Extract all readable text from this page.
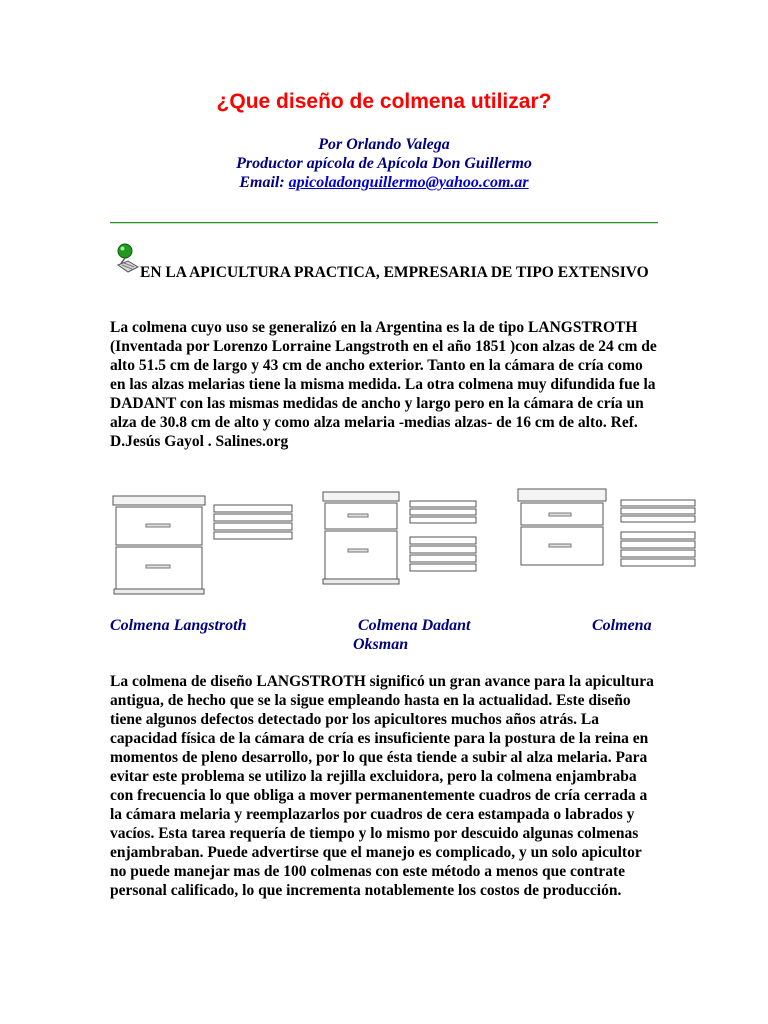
¿Que diseño de colmena utilizar?
Por Orlando Valega
Productor apícola de Apícola Don Guillermo
Email: apicoladonguillermo@yahoo.com.ar
EN LA APICULTURA PRACTICA, EMPRESARIA DE TIPO EXTENSIVO
La colmena cuyo uso se generalizó en la Argentina es la de tipo LANGSTROTH (Inventada por Lorenzo Lorraine Langstroth en el año 1851 )con alzas de 24 cm de alto 51.5 cm de largo y 43 cm de ancho exterior. Tanto en la cámara de cría como en las alzas melarias tiene la misma medida. La otra colmena muy difundida fue la DADANT con las mismas medidas de ancho y largo pero en la cámara de cría un alza de 30.8 cm de alto y como alza melaria -medias alzas- de 16 cm de alto. Ref. D.Jesús Gayol . Salines.org
Colmena Langstroth	Colmena Dadant	Colmena
Oksman
La colmena de diseño LANGSTROTH significó un gran avance para la apicultura antigua, de hecho que se la sigue empleando hasta en la actualidad. Este diseño tiene algunos defectos detectado por los apicultores muchos años atrás. La capacidad física de la cámara de cría es insuficiente para la postura de la reina en momentos de pleno desarrollo, por lo que ésta tiende a subir al alza melaria. Para evitar este problema se utilizo la rejilla excluidora, pero la colmena enjambraba con frecuencia lo que obliga a mover permanentemente cuadros de cría cerrada a la cámara melaria y reemplazarlos por cuadros de cera estampada o labrados y vacíos. Esta tarea requería de tiempo y lo mismo por descuido algunas colmenas enjambraban. Puede advertirse que el manejo es complicado, y un solo apicultor no puede manejar mas de 100 colmenas con este método a menos que contrate personal calificado, lo que incrementa notablemente los costos de producción.
